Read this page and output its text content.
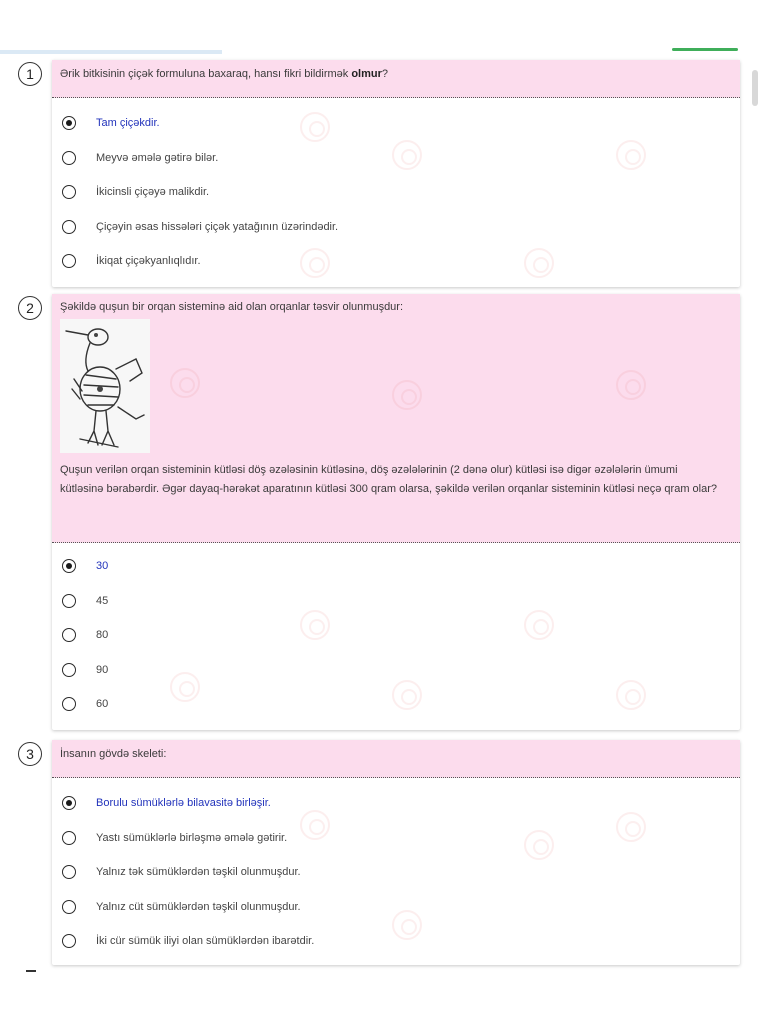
1	Ərik bitkisinin çiçək formuluna baxaraq, hansı fikri bildirmək olmur?
Tam çiçəkdir.
Meyvə əmələ gətirə bilər.
İkicinsli çiçəyə malikdir.
Çiçəyin əsas hissələri çiçək yatağının üzərindədir.
İkiqat çiçəkyanlıqlıdır.
2	Şəkildə quşun bir orqan sisteminə aid olan orqanlar təsvir olunmuşdur:
Quşun verilən orqan sisteminin kütləsi döş əzələsinin kütləsinə, döş əzələlərinin (2 dənə olur) kütləsi isə digər əzələlərin ümumi kütləsinə bərabərdir. Əgər dayaq-hərəkət aparatının kütləsi 300 qram olarsa, şəkildə verilən orqanlar sisteminin kütləsi neçə qram olar?
30
45
80
90
60
3	İnsanın gövdə skeleti:
Borulu sümüklərlə bilavasitə birləşir.
Yastı sümüklərlə birləşmə əmələ gətirir.
Yalnız tək sümüklərdən təşkil olunmuşdur.
Yalnız cüt sümüklərdən təşkil olunmuşdur.
İki cür sümük iliyi olan sümüklərdən ibarətdir.
